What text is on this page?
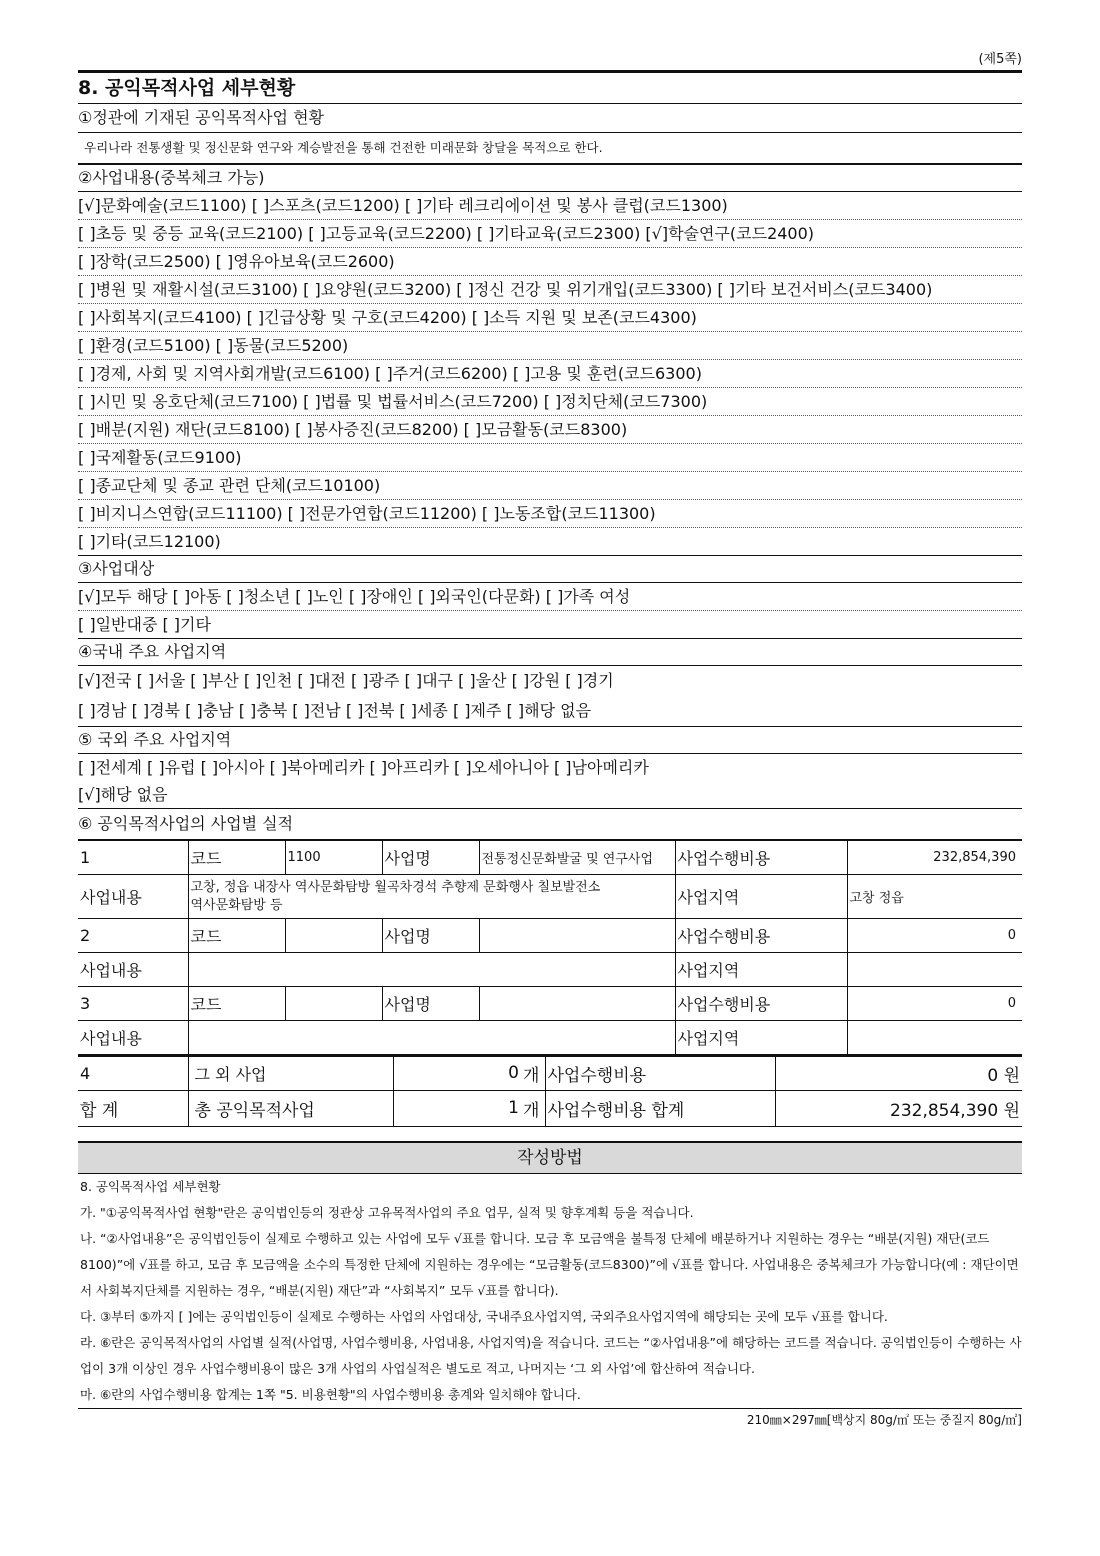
(제5쪽)
8. 공익목적사업 세부현황
①정관에 기재된 공익목적사업 현황
우리나라 전통생활 및 정신문화 연구와 계승발전을 통해 건전한 미래문화 창달을 목적으로 한다.
②사업내용(중복체크 가능)
[√]문화예술(코드1100) [ ]스포츠(코드1200) [ ]기타 레크리에이션 및 봉사 클럽(코드1300)
[ ]초등 및 중등 교육(코드2100) [ ]고등교육(코드2200) [ ]기타교육(코드2300) [√]학술연구(코드2400)
[ ]장학(코드2500) [ ]영유아보육(코드2600)
[ ]병원 및 재활시설(코드3100) [ ]요양원(코드3200) [ ]정신 건강 및 위기개입(코드3300) [ ]기타 보건서비스(코드3400)
[ ]사회복지(코드4100) [ ]긴급상황 및 구호(코드4200) [ ]소득 지원 및 보존(코드4300)
[ ]환경(코드5100) [ ]동물(코드5200)
[ ]경제, 사회 및 지역사회개발(코드6100) [ ]주거(코드6200) [ ]고용 및 훈련(코드6300)
[ ]시민 및 옹호단체(코드7100) [ ]법률 및 법률서비스(코드7200) [ ]정치단체(코드7300)
[ ]배분(지원) 재단(코드8100) [ ]봉사증진(코드8200) [ ]모금활동(코드8300)
[ ]국제활동(코드9100)
[ ]종교단체 및 종교 관련 단체(코드10100)
[ ]비지니스연합(코드11100) [ ]전문가연합(코드11200) [ ]노동조합(코드11300)
[ ]기타(코드12100)
③사업대상
[√]모두 해당 [ ]아동 [ ]청소년 [ ]노인 [ ]장애인 [ ]외국인(다문화) [ ]가족 여성
[ ]일반대중 [ ]기타
④국내 주요 사업지역
[√]전국 [ ]서울 [ ]부산 [ ]인천 [ ]대전 [ ]광주 [ ]대구 [ ]울산 [ ]강원 [ ]경기
[ ]경남 [ ]경북 [ ]충남 [ ]충북 [ ]전남 [ ]전북 [ ]세종 [ ]제주 [ ]해당 없음
⑤ 국외 주요 사업지역
[ ]전세계 [ ]유럽 [ ]아시아 [ ]북아메리카 [ ]아프리카 [ ]오세아니아 [ ]남아메리카
[√]해당 없음
⑥ 공익목적사업의 사업별 실적
1	코드	1100	사업명	전통정신문화발굴 및 연구사업	사업수행비용	232,854,390
사업내용	고창, 정읍 내장사 역사문화탐방 월곡차경석 추향제 문화행사 칠보발전소
역사문화탐방 등				사업지역	고창 정읍
2	코드		사업명		사업수행비용	0
사업내용					사업지역	
3	코드		사업명		사업수행비용	0
사업내용					사업지역	
4	그 외 사업	0	개	사업수행비용	0 원
합 계	총 공익목적사업	1	개	사업수행비용 합계	232,854,390 원
작성방법

8. 공익목적사업 세부현황

가. "①공익목적사업 현황"란은 공익법인등의 정관상 고유목적사업의 주요 업무, 실적 및 향후계획 등을 적습니다.

나. “②사업내용”은 공익법인등이 실제로 수행하고 있는 사업에 모두 √표를 합니다. 모금 후 모금액을 불특정 단체에 배분하거나 지원하는 경우는 “배분(지원) 재단(코드8100)”에 √표를 하고, 모금 후 모금액을 소수의 특정한 단체에 지원하는 경우에는 “모금활동(코드8300)”에 √표를 합니다. 사업내용은 중복체크가 가능합니다(예 : 재단이면서 사회복지단체를 지원하는 경우, “배분(지원) 재단”과 “사회복지” 모두 √표를 합니다).

다. ③부터 ⑤까지 [ ]에는 공익법인등이 실제로 수행하는 사업의 사업대상, 국내주요사업지역, 국외주요사업지역에 해당되는 곳에 모두 √표를 합니다.

라. ⑥란은 공익목적사업의 사업별 실적(사업명, 사업수행비용, 사업내용, 사업지역)을 적습니다. 코드는 “②사업내용”에 해당하는 코드를 적습니다. 공익법인등이 수행하는 사업이 3개 이상인 경우 사업수행비용이 많은 3개 사업의 사업실적은 별도로 적고, 나머지는 ‘그 외 사업’에 합산하여 적습니다.

마. ⑥란의 사업수행비용 합계는 1쪽 "5. 비용현황"의 사업수행비용 총계와 일치해야 합니다.

210㎜×297㎜[백상지 80g/㎡ 또는 중질지 80g/㎡]
